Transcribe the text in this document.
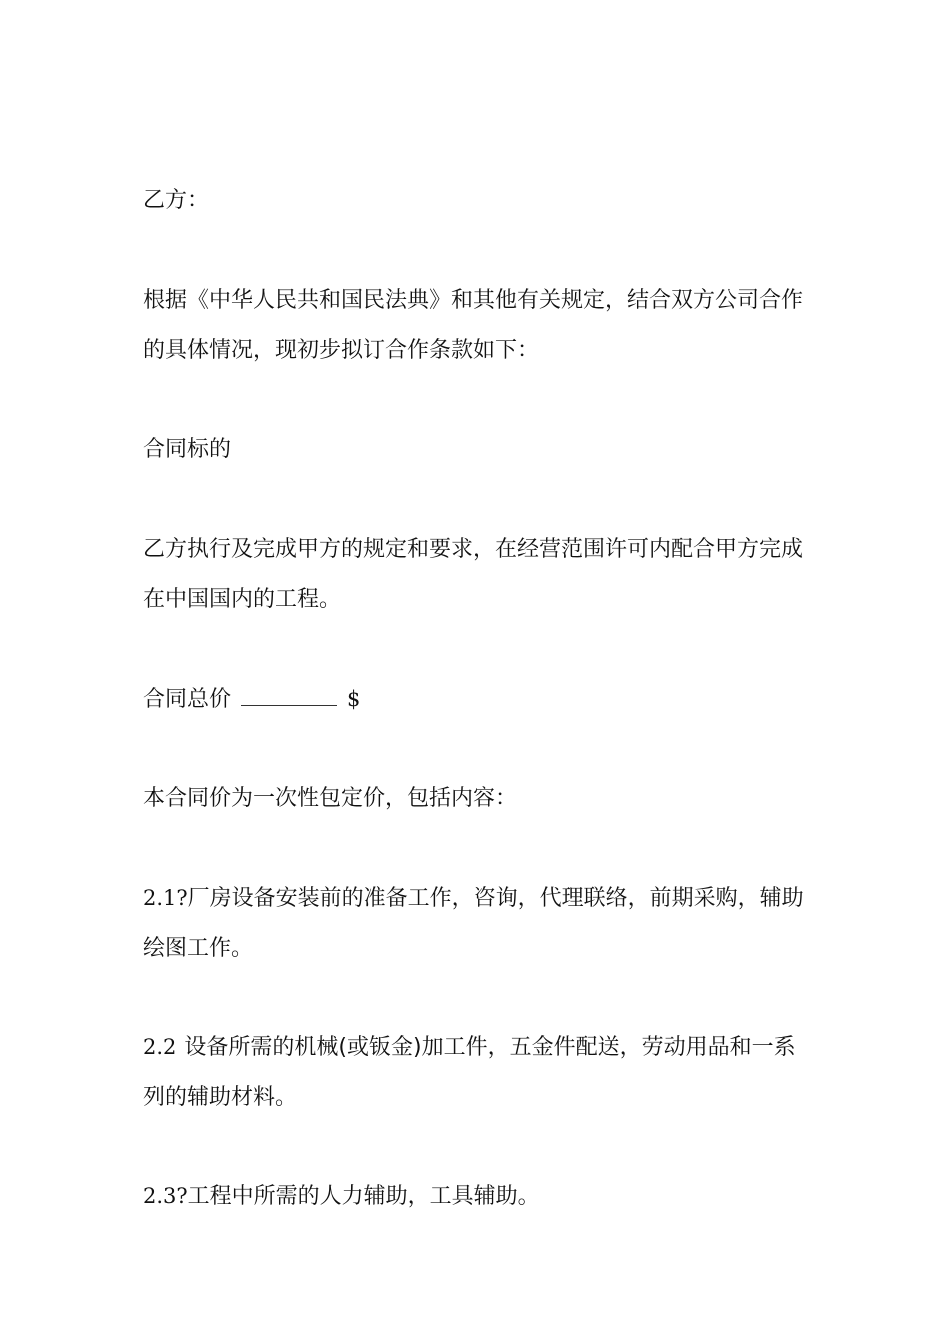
乙方：

根据《中华人民共和国民法典》和其他有关规定，结合双方公司合作的具体情况，现初步拟订合作条款如下：

合同标的

乙方执行及完成甲方的规定和要求，在经营范围许可内配合甲方完成在中国国内的工程。

合同总价	$

本合同价为一次性包定价，包括内容：

2.1?厂房设备安装前的准备工作，咨询，代理联络，前期采购，辅助绘图工作。

2.2 设备所需的机械(或钣金)加工件，五金件配送，劳动用品和一系列的辅助材料。

2.3?工程中所需的人力辅助，工具辅助。
